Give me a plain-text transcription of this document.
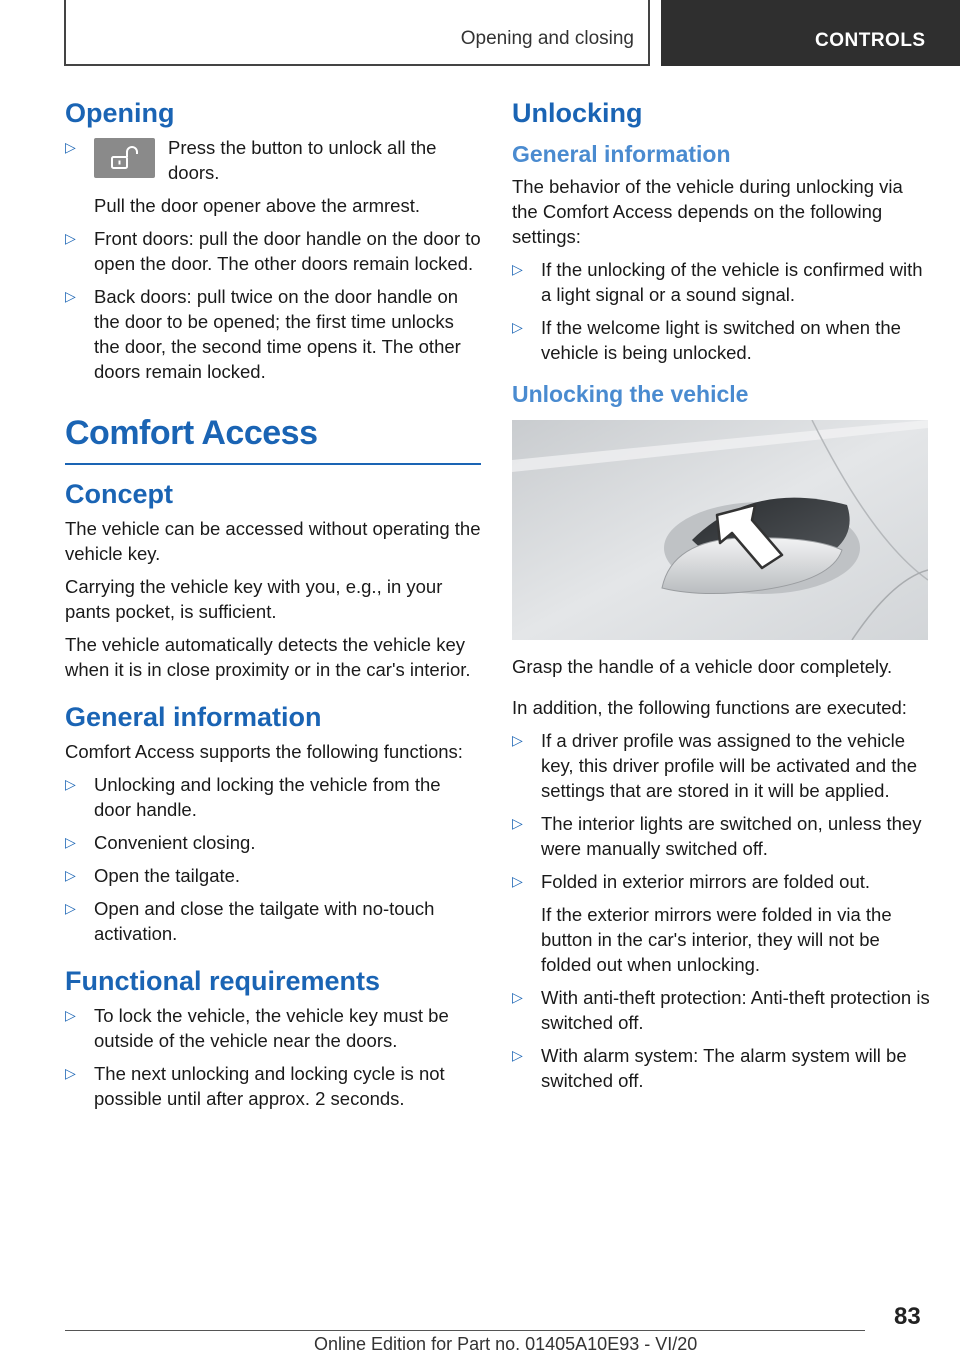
Opening and closing	CONTROLS
Opening
▷	Press the button to unlock all the doors.
Pull the door opener above the armrest.
▷ Front doors: pull the door handle on the door to open the door. The other doors remain locked.
▷ Back doors: pull twice on the door handle on the door to be opened; the first time unlocks the door, the second time opens it. The other doors remain locked.
Comfort Access
Concept

The vehicle can be accessed without operating the vehicle key.

Carrying the vehicle key with you, e.g., in your pants pocket, is sufficient.

The vehicle automatically detects the vehicle key when it is in close proximity or in the car's interior.

General information

Comfort Access supports the following functions:

▷ Unlocking and locking the vehicle from the door handle.
▷ Convenient closing.
▷ Open the tailgate.
▷ Open and close the tailgate with no-touch activation.
Functional requirements
▷ To lock the vehicle, the vehicle key must be outside of the vehicle near the doors.
▷ The next unlocking and locking cycle is not possible until after approx. 2 seconds.
Unlocking
General information

The behavior of the vehicle during unlocking via the Comfort Access depends on the following settings:

▷ If the unlocking of the vehicle is confirmed with a light signal or a sound signal.
▷ If the welcome light is switched on when the vehicle is being unlocked.
Unlocking the vehicle

Grasp the handle of a vehicle door completely.

In addition, the following functions are executed:

▷ If a driver profile was assigned to the vehicle key, this driver profile will be activated and the settings that are stored in it will be applied.
▷ The interior lights are switched on, unless they were manually switched off.
▷ Folded in exterior mirrors are folded out.
If the exterior mirrors were folded in via the button in the car's interior, they will not be folded out when unlocking.
▷ With anti-theft protection: Anti-theft protection is switched off.
▷ With alarm system: The alarm system will be switched off.
83
Online Edition for Part no. 01405A10E93 - VI/20
